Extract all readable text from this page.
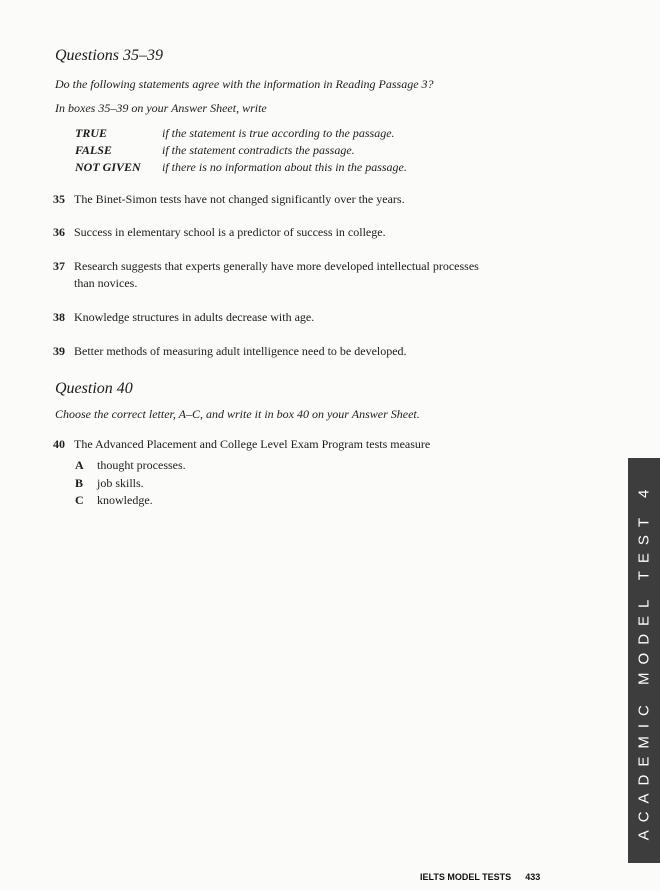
Questions 35–39
Do the following statements agree with the information in Reading Passage 3?
In boxes 35–39 on your Answer Sheet, write
TRUE	if the statement is true according to the passage.
FALSE	if the statement contradicts the passage.
NOT GIVEN if there is no information about this in the passage.
35 The Binet-Simon tests have not changed significantly over the years.
36 Success in elementary school is a predictor of success in college.
37 Research suggests that experts generally have more developed intellectual processes
than novices.
38 Knowledge structures in adults decrease with age.
39 Better methods of measuring adult intelligence need to be developed.
Question 40
Choose the correct letter, A–C, and write it in box 40 on your Answer Sheet.
40 The Advanced Placement and College Level Exam Program tests measure
A thought processes.
B job skills.
C knowledge.	ACADEMIC MODEL TEST 4
IELTS MODEL TESTS 433
